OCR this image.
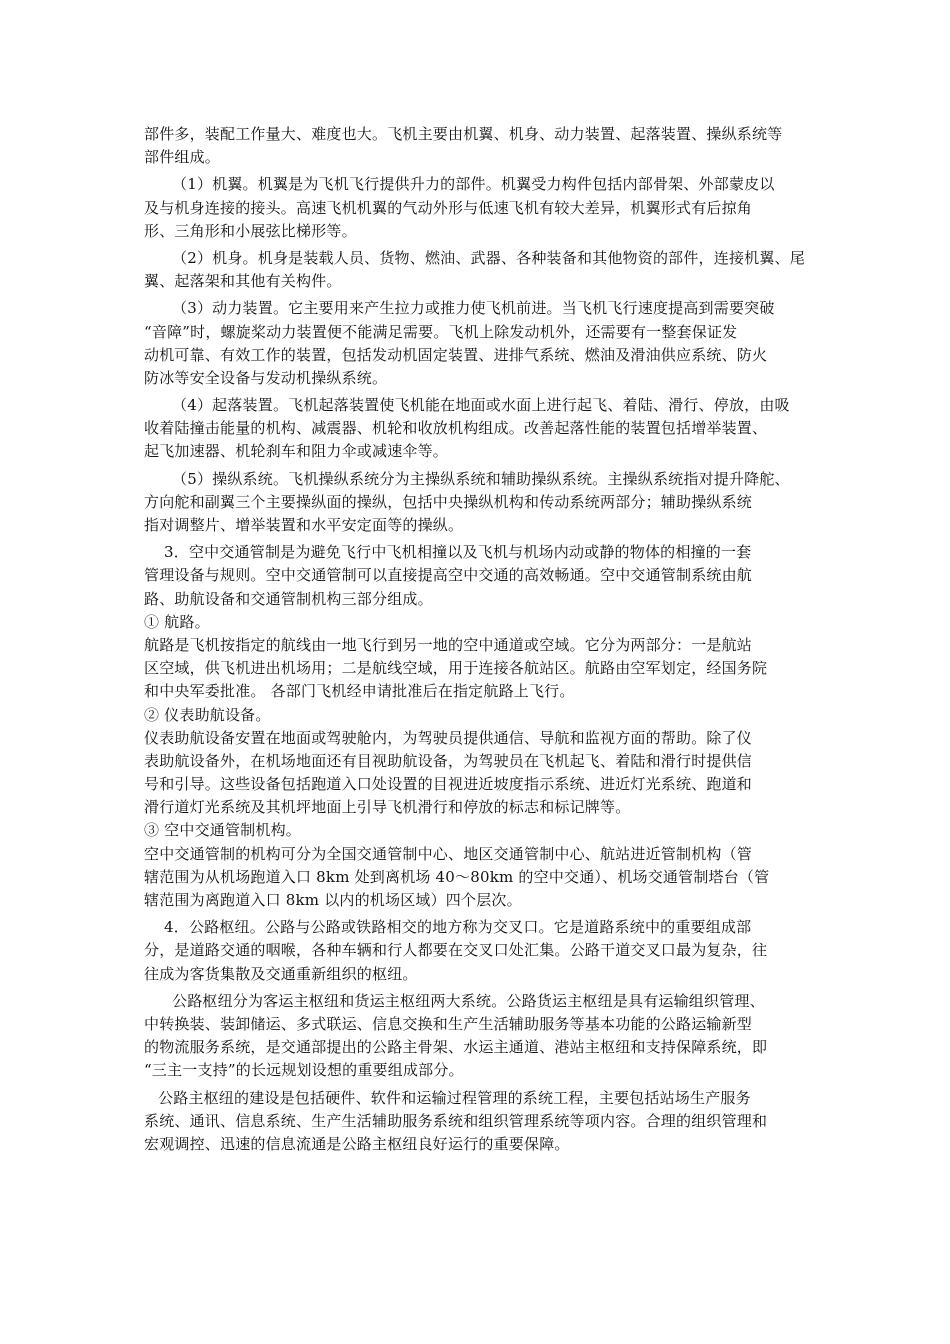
部件多，装配工作量大、难度也大。飞机主要由机翼、机身、动力装置、起落装置、操纵系统等
部件组成。
（1）机翼。机翼是为飞机飞行提供升力的部件。机翼受力构件包括内部骨架、外部蒙皮以
及与机身连接的接头。高速飞机机翼的气动外形与低速飞机有较大差异，机翼形式有后掠角
形、三角形和小展弦比梯形等。
（2）机身。机身是装载人员、货物、燃油、武器、各种装备和其他物资的部件，连接机翼、尾
翼、起落架和其他有关构件。
（3）动力装置。它主要用来产生拉力或推力使飞机前进。当飞机飞行速度提高到需要突破
“音障”时，螺旋桨动力装置便不能满足需要。飞机上除发动机外，还需要有一整套保证发
动机可靠、有效工作的装置，包括发动机固定装置、进排气系统、燃油及滑油供应系统、防火
防冰等安全设备与发动机操纵系统。
（4）起落装置。飞机起落装置使飞机能在地面或水面上进行起飞、着陆、滑行、停放，由吸
收着陆撞击能量的机构、减震器、机轮和收放机构组成。改善起落性能的装置包括增举装置、
起飞加速器、机轮刹车和阻力伞或减速伞等。
（5）操纵系统。飞机操纵系统分为主操纵系统和辅助操纵系统。主操纵系统指对提升降舵、
方向舵和副翼三个主要操纵面的操纵，包括中央操纵机构和传动系统两部分；辅助操纵系统
指对调整片、增举装置和水平安定面等的操纵。
3．空中交通管制是为避免飞行中飞机相撞以及飞机与机场内动或静的物体的相撞的一套
管理设备与规则。空中交通管制可以直接提高空中交通的高效畅通。空中交通管制系统由航
路、助航设备和交通管制机构三部分组成。
① 航路。
航路是飞机按指定的航线由一地飞行到另一地的空中通道或空域。它分为两部分：一是航站
区空域，供飞机进出机场用；二是航线空域，用于连接各航站区。航路由空军划定，经国务院
和中央军委批准。 各部门飞机经申请批准后在指定航路上飞行。
② 仪表助航设备。
仪表助航设备安置在地面或驾驶舱内，为驾驶员提供通信、导航和监视方面的帮助。除了仪
表助航设备外，在机场地面还有目视助航设备，为驾驶员在飞机起飞、着陆和滑行时提供信
号和引导。这些设备包括跑道入口处设置的目视进近坡度指示系统、进近灯光系统、跑道和
滑行道灯光系统及其机坪地面上引导飞机滑行和停放的标志和标记牌等。
③ 空中交通管制机构。
空中交通管制的机构可分为全国交通管制中心、地区交通管制中心、航站进近管制机构（管
辖范围为从机场跑道入口 8km 处到离机场 40～80km 的空中交通）、机场交通管制塔台（管
辖范围为离跑道入口 8km 以内的机场区域）四个层次。
4．公路枢纽。公路与公路或铁路相交的地方称为交叉口。它是道路系统中的重要组成部
分，是道路交通的咽喉，各种车辆和行人都要在交叉口处汇集。公路干道交叉口最为复杂，往
往成为客货集散及交通重新组织的枢纽。
公路枢纽分为客运主枢纽和货运主枢纽两大系统。公路货运主枢纽是具有运输组织管理、
中转换装、装卸储运、多式联运、信息交换和生产生活辅助服务等基本功能的公路运输新型
的物流服务系统，是交通部提出的公路主骨架、水运主通道、港站主枢纽和支持保障系统，即
“三主一支持”的长远规划设想的重要组成部分。
公路主枢纽的建设是包括硬件、软件和运输过程管理的系统工程，主要包括站场生产服务
系统、通讯、信息系统、生产生活辅助服务系统和组织管理系统等项内容。合理的组织管理和
宏观调控、迅速的信息流通是公路主枢纽良好运行的重要保障。
